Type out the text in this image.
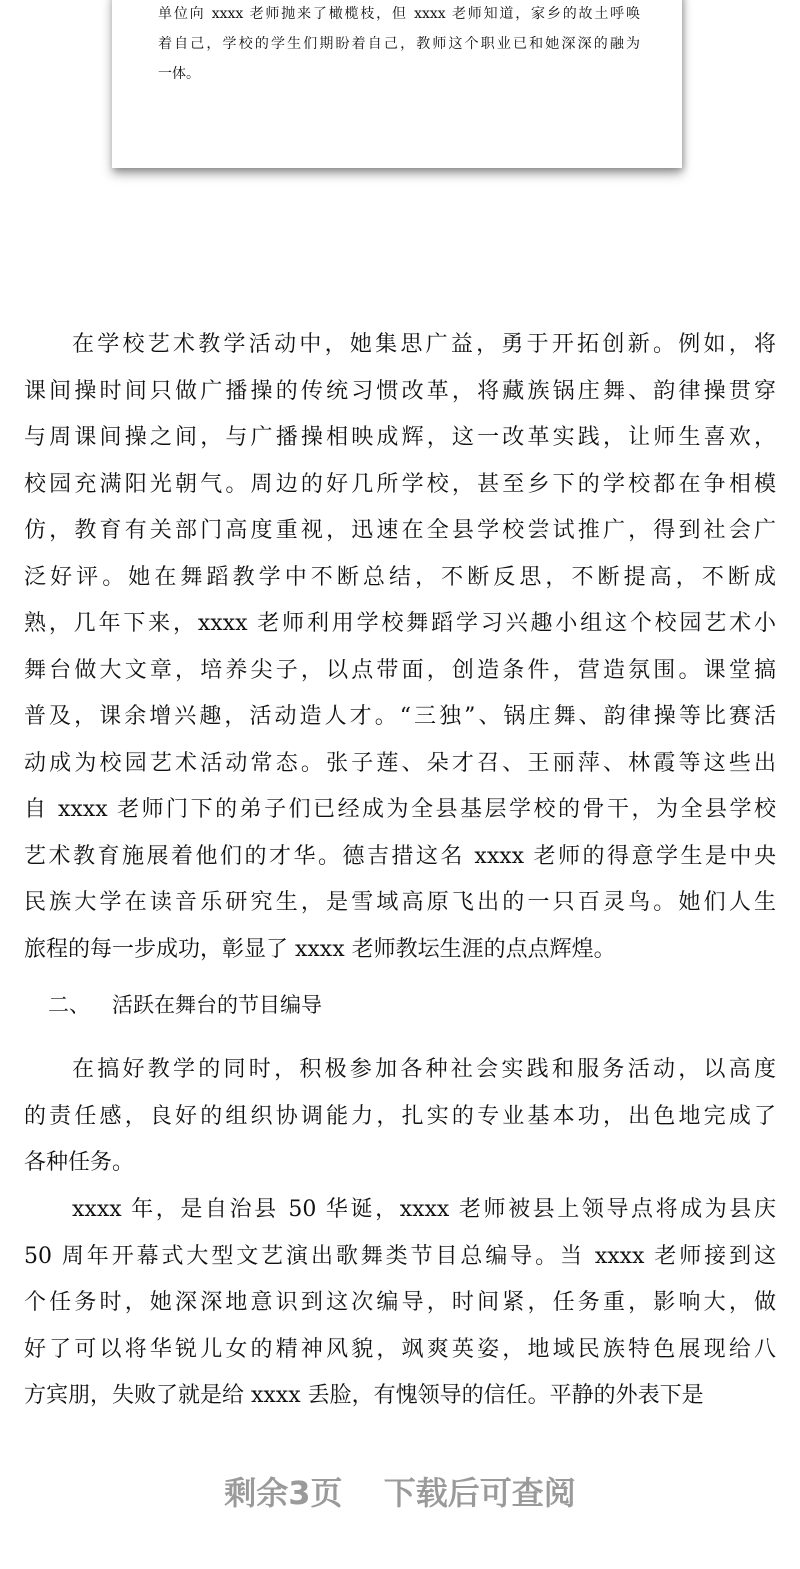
单位向 xxxx 老师抛来了橄榄枝，但 xxxx 老师知道，家乡的故土呼唤
着自己，学校的学生们期盼着自己，教师这个职业已和她深深的融为
一体。
在学校艺术教学活动中，她集思广益，勇于开拓创新。例如，将
课间操时间只做广播操的传统习惯改革，将藏族锅庄舞、韵律操贯穿
与周课间操之间，与广播操相映成辉，这一改革实践，让师生喜欢，
校园充满阳光朝气。周边的好几所学校，甚至乡下的学校都在争相模
仿，教育有关部门高度重视，迅速在全县学校尝试推广，得到社会广
泛好评。她在舞蹈教学中不断总结，不断反思，不断提高，不断成
熟，几年下来，xxxx 老师利用学校舞蹈学习兴趣小组这个校园艺术小
舞台做大文章，培养尖子，以点带面，创造条件，营造氛围。课堂搞
普及，课余增兴趣，活动造人才。“三独”、锅庄舞、韵律操等比赛活
动成为校园艺术活动常态。张子莲、朵才召、王丽萍、林霞等这些出
自 xxxx 老师门下的弟子们已经成为全县基层学校的骨干，为全县学校
艺术教育施展着他们的才华。德吉措这名 xxxx 老师的得意学生是中央
民族大学在读音乐研究生，是雪域高原飞出的一只百灵鸟。她们人生
旅程的每一步成功，彰显了 xxxx 老师教坛生涯的点点辉煌。
在搞好教学的同时，积极参加各种社会实践和服务活动，以高度
的责任感，良好的组织协调能力，扎实的专业基本功，出色地完成了
各种任务。
xxxx 年，是自治县 50 华诞，xxxx 老师被县上领导点将成为县庆
50 周年开幕式大型文艺演出歌舞类节目总编导。当 xxxx 老师接到这
个任务时，她深深地意识到这次编导，时间紧，任务重，影响大，做
好了可以将华锐儿女的精神风貌，飒爽英姿，地域民族特色展现给八
方宾朋，失败了就是给 xxxx 丢脸，有愧领导的信任。平静的外表下是
二、 活跃在舞台的节目编导
剩余3页 下载后可查阅
